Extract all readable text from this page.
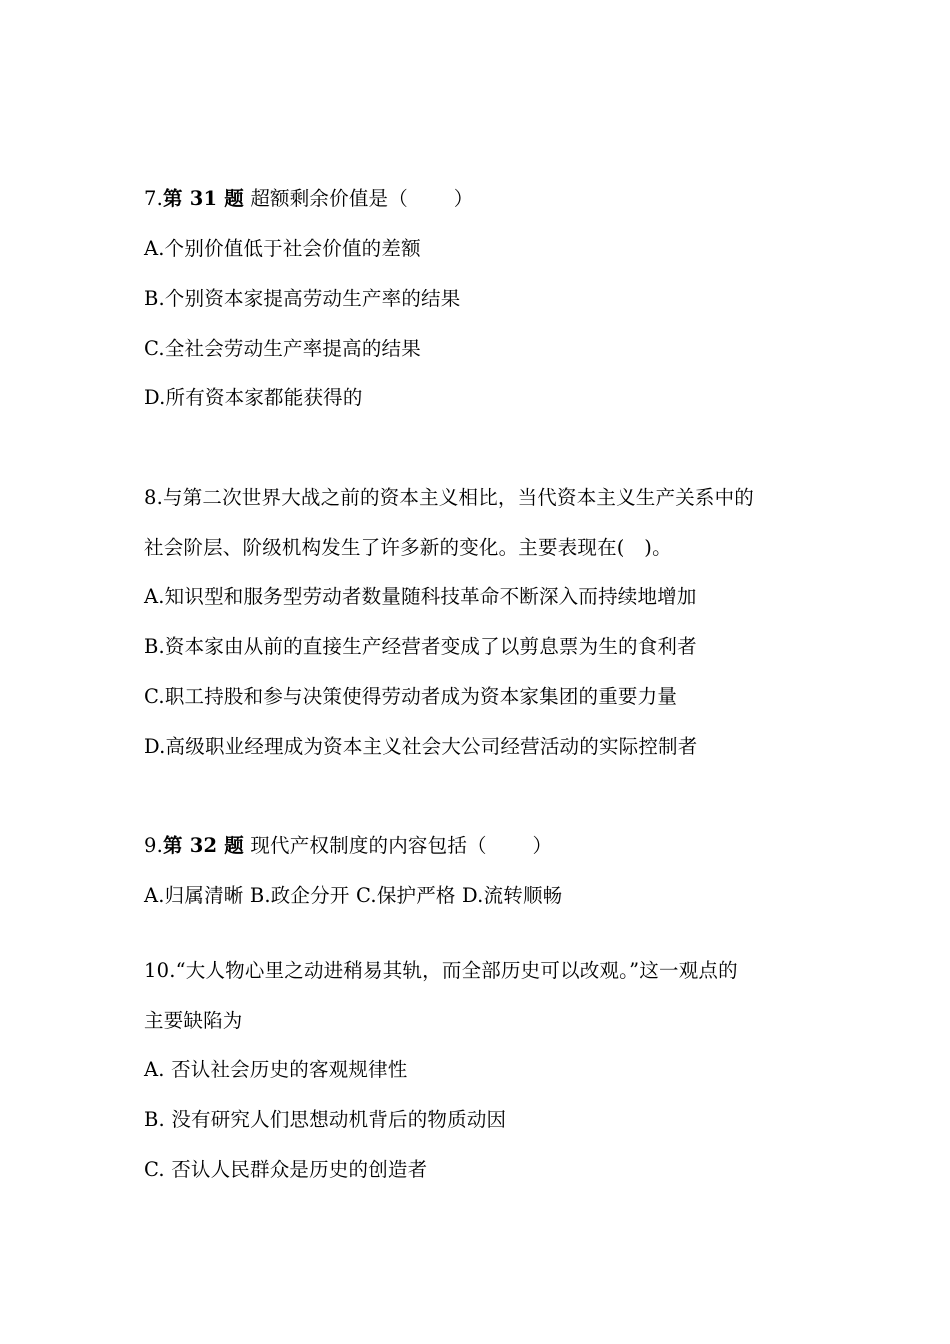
7.第 31 题 超额剩余价值是（　　 ）
A.个别价值低于社会价值的差额
B.个别资本家提高劳动生产率的结果
C.全社会劳动生产率提高的结果
D.所有资本家都能获得的
8.与第二次世界大战之前的资本主义相比，当代资本主义生产关系中的
社会阶层、阶级机构发生了许多新的变化。主要表现在(　)。
A.知识型和服务型劳动者数量随科技革命不断深入而持续地增加
B.资本家由从前的直接生产经营者变成了以剪息票为生的食利者
C.职工持股和参与决策使得劳动者成为资本家集团的重要力量
D.高级职业经理成为资本主义社会大公司经营活动的实际控制者
9.第 32 题 现代产权制度的内容包括（　　 ）
A.归属清晰 B.政企分开 C.保护严格 D.流转顺畅
10.“大人物心里之动进稍易其轨，而全部历史可以改观。”这一观点的
主要缺陷为
A. 否认社会历史的客观规律性
B. 没有研究人们思想动机背后的物质动因
C. 否认人民群众是历史的创造者
